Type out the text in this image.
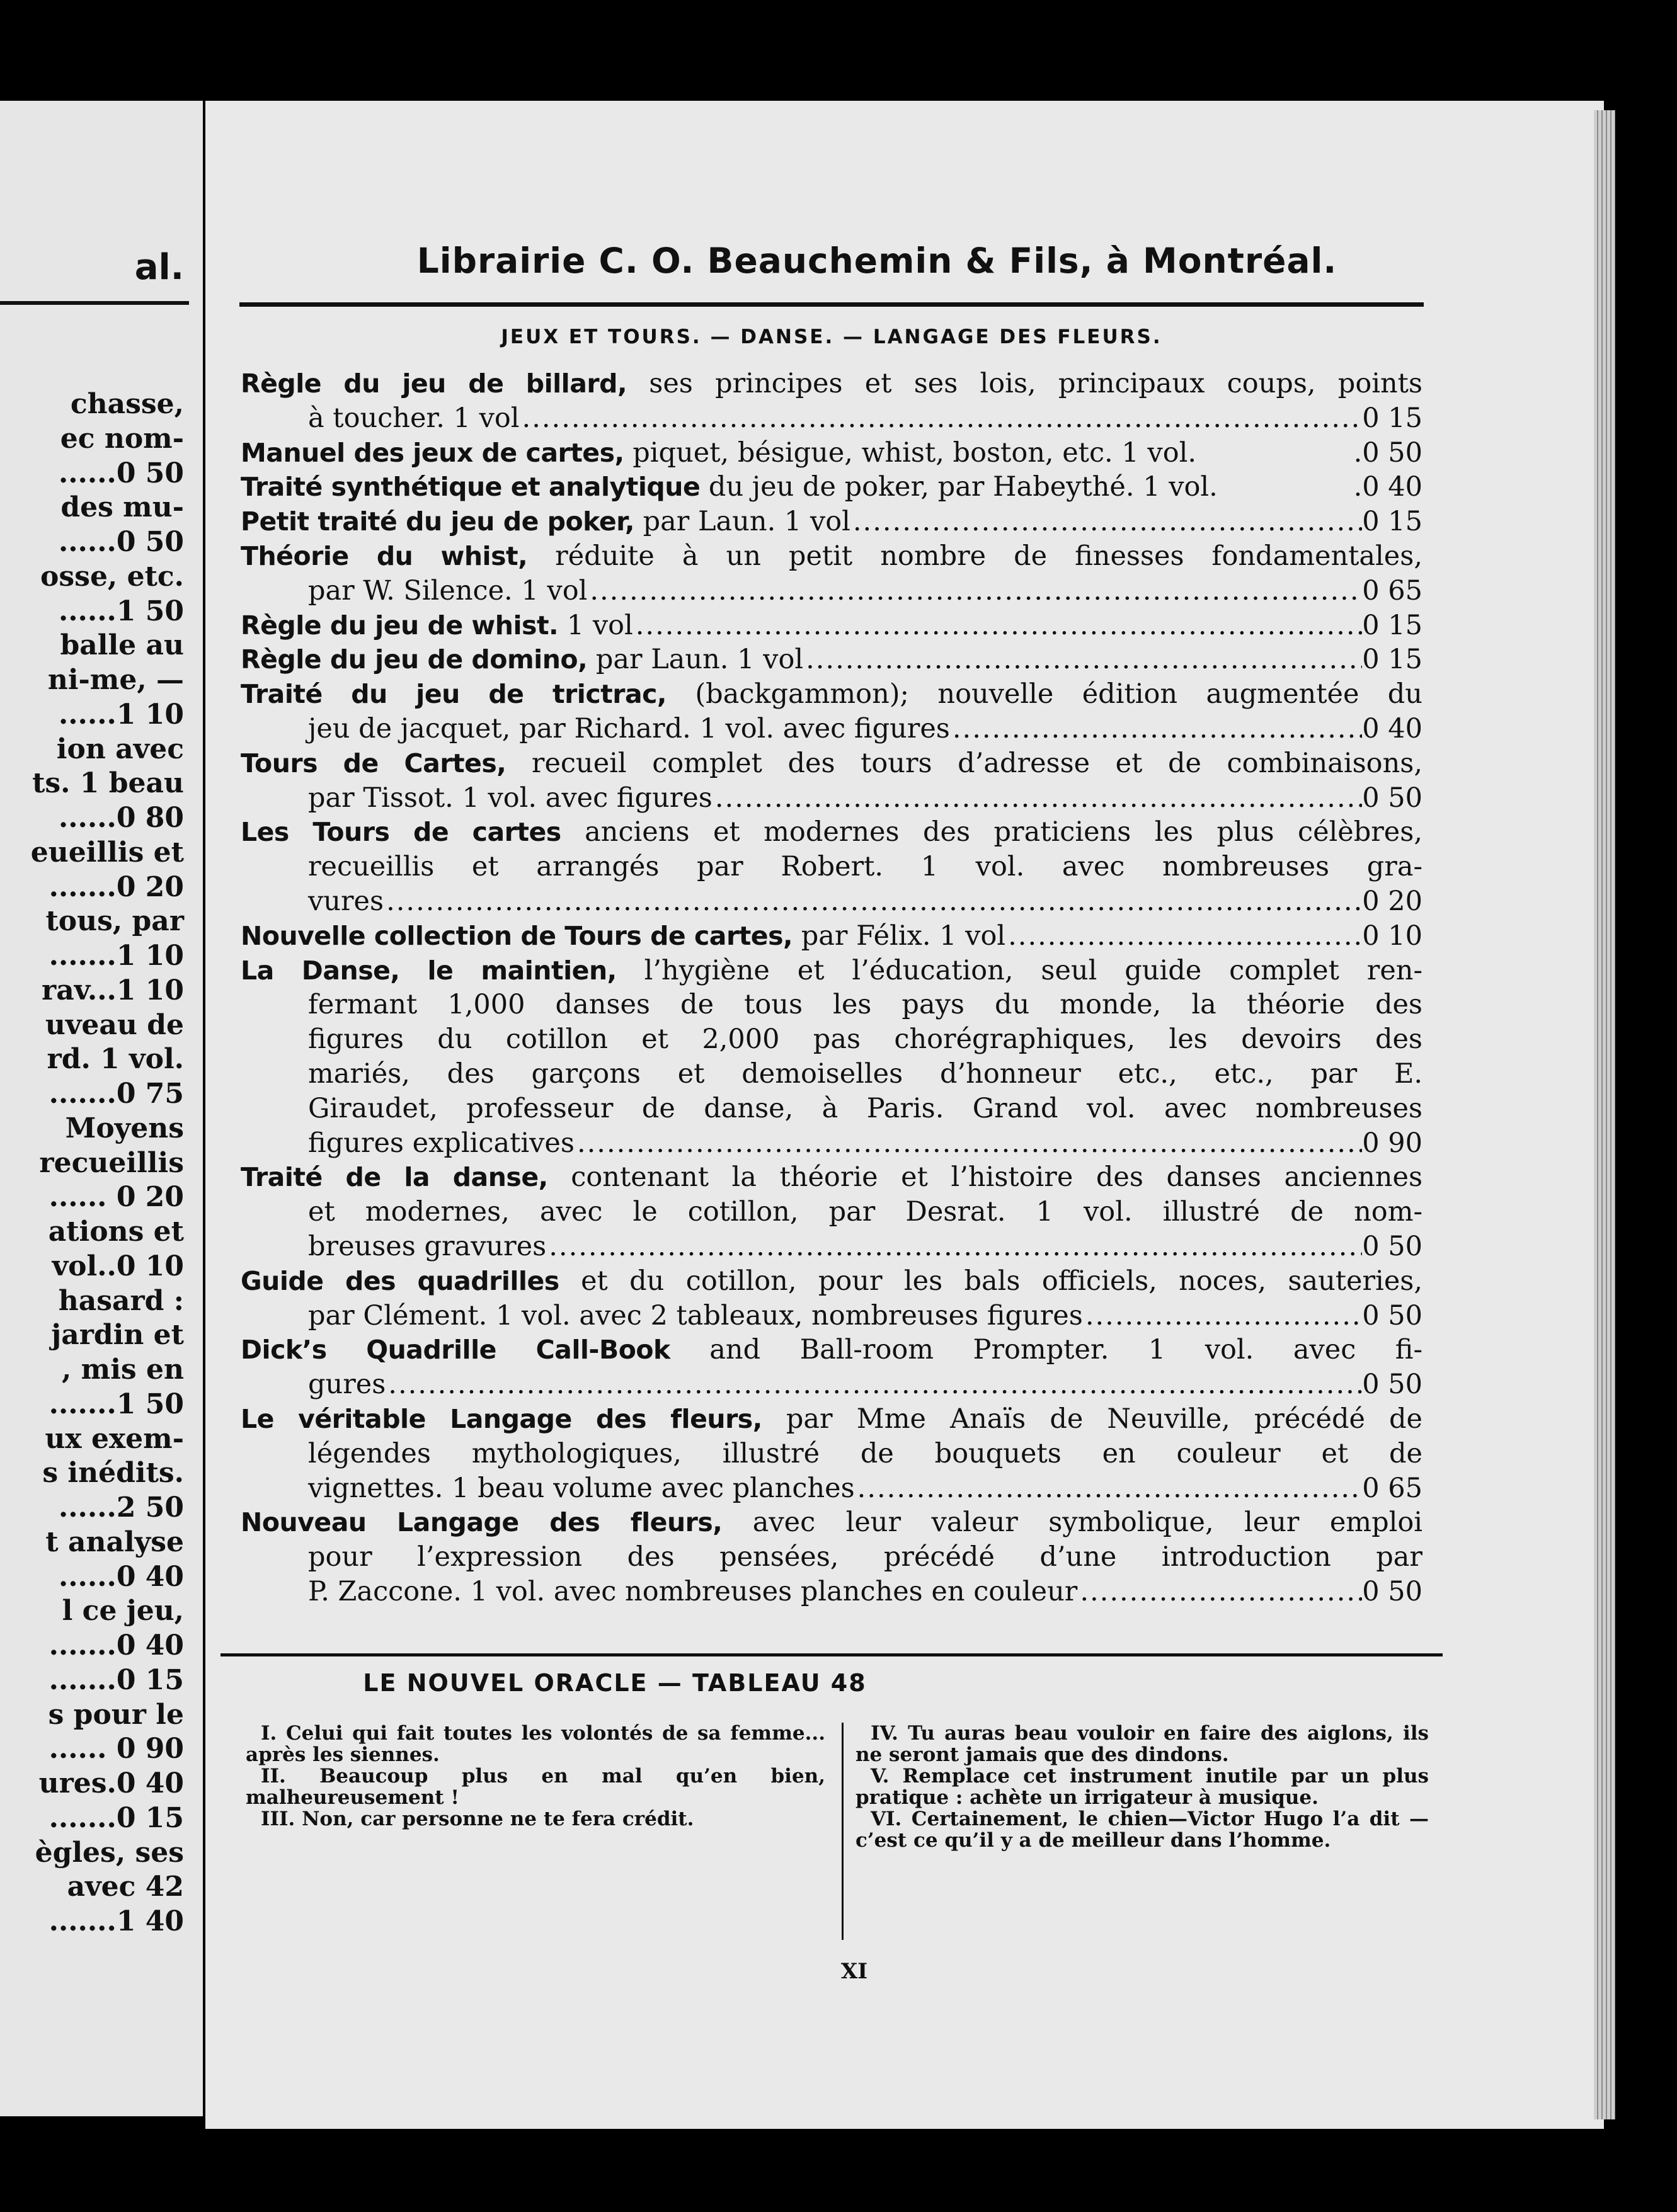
al.
chasse,
ec nom-
......0 50
des mu-
......0 50
osse, etc.
......1 50
balle au
ni-me, —
......1 10
ion avec
ts. 1 beau
......0 80
eueillis et
.......0 20
tous, par
.......1 10
rav...1 10
uveau de
rd. 1 vol.
.......0 75
Moyens
recueillis
...... 0 20
ations et
vol..0 10
hasard :
jardin et
, mis en
.......1 50
ux exem-
s inédits.
......2 50
t analyse
......0 40
l ce jeu,
.......0 40
.......0 15
s pour le
...... 0 90
ures.0 40
.......0 15
ègles, ses
avec 42
.......1 40
Librairie C. O. Beauchemin & Fils, à Montréal.
JEUX ET TOURS. — DANSE. — LANGAGE DES FLEURS.
Règle du jeu de billard, ses principes et ses lois, principaux coups, points
à toucher. 1 vol .....	0 15
Manuel des jeux de cartes, piquet, bésigue, whist, boston, etc. 1 vol.	.0 50
Traité synthétique et analytique du jeu de poker, par Habeythé. 1 vol.	.0 40
Petit traité du jeu de poker, par Laun. 1 vol .....	0 15
Théorie du whist, réduite à un petit nombre de finesses fondamentales,
par W. Silence. 1 vol .....	0 65
Règle du jeu de whist. 1 vol .....	0 15
Règle du jeu de domino, par Laun. 1 vol .....	0 15
Traité du jeu de trictrac, (backgammon); nouvelle édition augmentée du
jeu de jacquet, par Richard. 1 vol. avec figures .....	0 40
Tours de Cartes, recueil complet des tours d’adresse et de combinaisons,
par Tissot. 1 vol. avec figures .....	0 50
Les Tours de cartes anciens et modernes des praticiens les plus célèbres,
recueillis et arrangés par Robert. 1 vol. avec nombreuses gra-
vures .....	0 20
Nouvelle collection de Tours de cartes, par Félix. 1 vol .....	0 10
La Danse, le maintien, l’hygiène et l’éducation, seul guide complet ren-
fermant 1,000 danses de tous les pays du monde, la théorie des
figures du cotillon et 2,000 pas chorégraphiques, les devoirs des
mariés, des garçons et demoiselles d’honneur etc., etc., par E.
Giraudet, professeur de danse, à Paris. Grand vol. avec nombreuses
figures explicatives .....	0 90
Traité de la danse, contenant la théorie et l’histoire des danses anciennes
et modernes, avec le cotillon, par Desrat. 1 vol. illustré de nom-
breuses gravures .....	0 50
Guide des quadrilles et du cotillon, pour les bals officiels, noces, sauteries,
par Clément. 1 vol. avec 2 tableaux, nombreuses figures .....	0 50
Dick’s Quadrille Call-Book and Ball-room Prompter. 1 vol. avec fi-
gures .....	0 50
Le véritable Langage des fleurs, par Mme Anaïs de Neuville, précédé de
légendes mythologiques, illustré de bouquets en couleur et de
vignettes. 1 beau volume avec planches .....	0 65
Nouveau Langage des fleurs, avec leur valeur symbolique, leur emploi
pour l’expression des pensées, précédé d’une introduction par
P. Zaccone. 1 vol. avec nombreuses planches en couleur .....	0 50
LE NOUVEL ORACLE — TABLEAU 48

I. Celui qui fait toutes les volontés de sa femme... après les siennes.

II. Beaucoup plus en mal qu’en bien, malheureusement !

III. Non, car personne ne te fera crédit.

IV. Tu auras beau vouloir en faire des aiglons, ils ne seront jamais que des dindons.

V. Remplace cet instrument inutile par un plus pratique : achète un irrigateur à musique.

VI. Certainement, le chien—Victor Hugo l’a dit — c’est ce qu’il y a de meilleur dans l’homme.

XI
